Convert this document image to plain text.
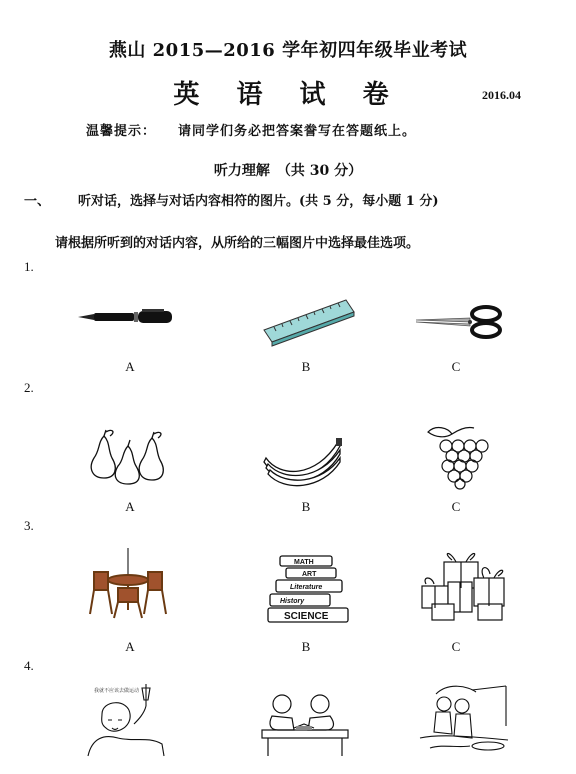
燕山 2015—2016 学年初四年级毕业考试
英 语 试 卷	2016.04
温馨提示： 请同学们务必把答案誊写在答题纸上。
听力理解　（共 30 分）
一、 听对话，选择与对话内容相符的图片。(共 5 分，每小题 1 分)
请根据所听到的对话内容，从所给的三幅图片中选择最佳选项。
1.
2.
3.
4.
A	B	C
A	B	C
A	B	C
MATH
ART
Literature
History
SCIENCE
我就不应该去做运动
